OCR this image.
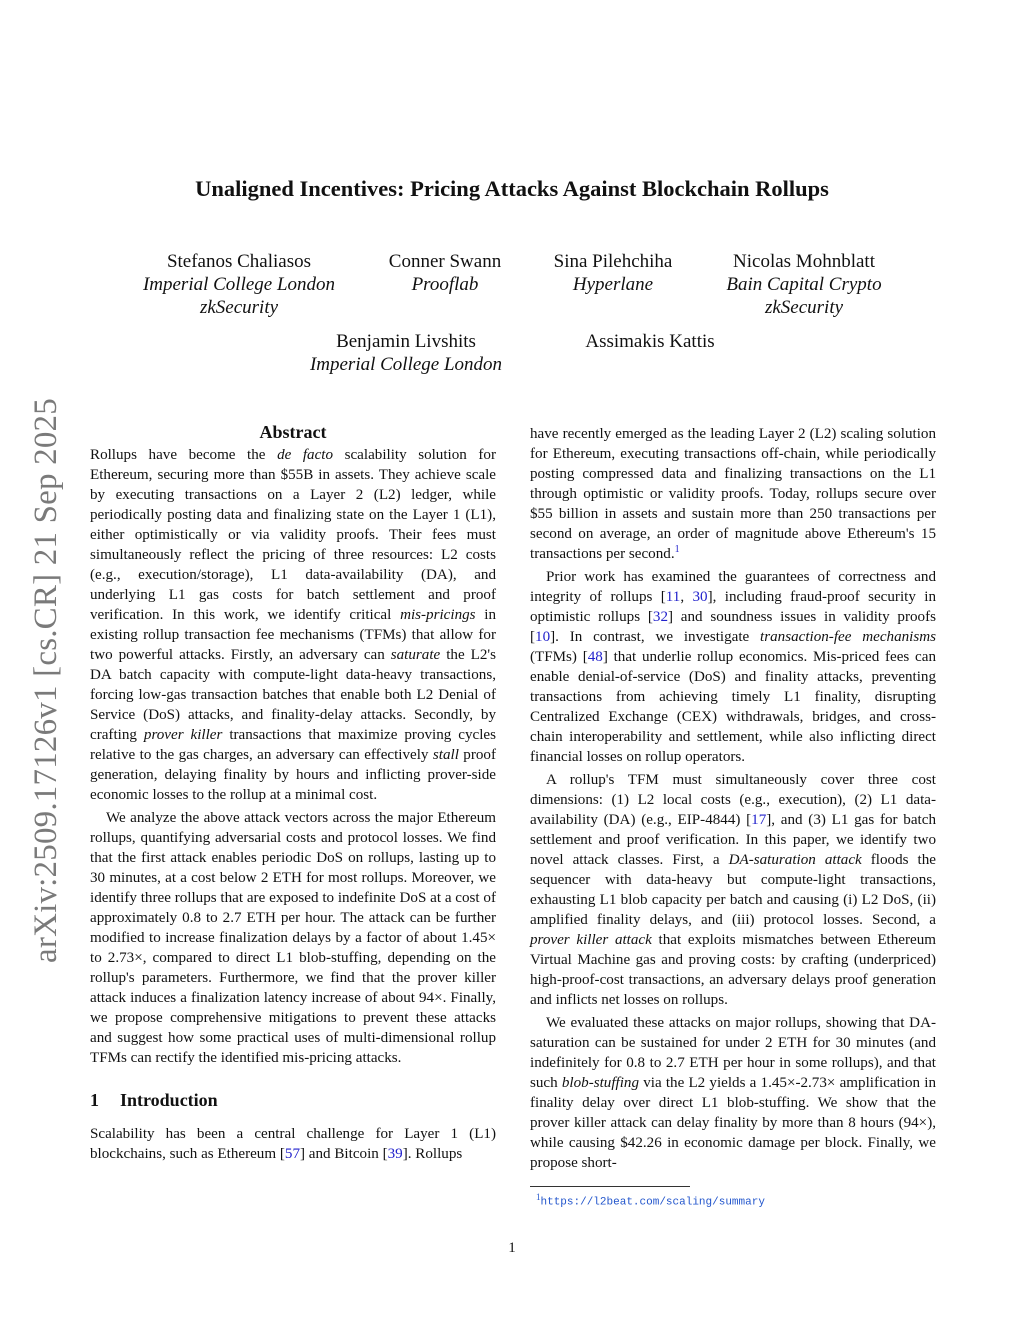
arXiv:2509.17126v1 [cs.CR] 21 Sep 2025
Unaligned Incentives: Pricing Attacks Against Blockchain Rollups
Stefanos Chaliasos
Imperial College London
zkSecurity
Conner Swann
Prooflab
Sina Pilehchiha
Hyperlane
Nicolas Mohnblatt
Bain Capital Crypto
zkSecurity
Benjamin Livshits
Imperial College London
Assimakis Kattis
Abstract

Rollups have become the de facto scalability solution for Ethereum, securing more than $55B in assets. They achieve scale by executing transactions on a Layer 2 (L2) ledger, while periodically posting data and finalizing state on the Layer 1 (L1), either optimistically or via validity proofs. Their fees must simultaneously reflect the pricing of three resources: L2 costs (e.g., execution/storage), L1 data-availability (DA), and underlying L1 gas costs for batch settlement and proof verification. In this work, we identify critical mis-pricings in existing rollup transaction fee mechanisms (TFMs) that allow for two powerful attacks. Firstly, an adversary can saturate the L2's DA batch capacity with compute-light data-heavy transactions, forcing low-gas transaction batches that enable both L2 Denial of Service (DoS) attacks, and finality-delay attacks. Secondly, by crafting prover killer transactions that maximize proving cycles relative to the gas charges, an adversary can effectively stall proof generation, delaying finality by hours and inflicting prover-side economic losses to the rollup at a minimal cost.

We analyze the above attack vectors across the major Ethereum rollups, quantifying adversarial costs and protocol losses. We find that the first attack enables periodic DoS on rollups, lasting up to 30 minutes, at a cost below 2 ETH for most rollups. Moreover, we identify three rollups that are exposed to indefinite DoS at a cost of approximately 0.8 to 2.7 ETH per hour. The attack can be further modified to increase finalization delays by a factor of about 1.45× to 2.73×, compared to direct L1 blob-stuffing, depending on the rollup's parameters. Furthermore, we find that the prover killer attack induces a finalization latency increase of about 94×. Finally, we propose comprehensive mitigations to prevent these attacks and suggest how some practical uses of multi-dimensional rollup TFMs can rectify the identified mis-pricing attacks.

1 Introduction

Scalability has been a central challenge for Layer 1 (L1) blockchains, such as Ethereum [57] and Bitcoin [39]. Rollups

have recently emerged as the leading Layer 2 (L2) scaling solution for Ethereum, executing transactions off-chain, while periodically posting compressed data and finalizing transactions on the L1 through optimistic or validity proofs. Today, rollups secure over $55 billion in assets and sustain more than 250 transactions per second on average, an order of magnitude above Ethereum's 15 transactions per second.$^1$

Prior work has examined the guarantees of correctness and integrity of rollups [11, 30], including fraud-proof security in optimistic rollups [32] and soundness issues in validity proofs [10]. In contrast, we investigate transaction-fee mechanisms (TFMs) [48] that underlie rollup economics. Mis-priced fees can enable denial-of-service (DoS) and finality attacks, preventing transactions from achieving timely L1 finality, disrupting Centralized Exchange (CEX) withdrawals, bridges, and cross-chain interoperability and settlement, while also inflicting direct financial losses on rollup operators.

A rollup's TFM must simultaneously cover three cost dimensions: (1) L2 local costs (e.g., execution), (2) L1 data-availability (DA) (e.g., EIP-4844) [17], and (3) L1 gas for batch settlement and proof verification. In this paper, we identify two novel attack classes. First, a DA-saturation attack floods the sequencer with data-heavy but compute-light transactions, exhausting L1 blob capacity per batch and causing (i) L2 DoS, (ii) amplified finality delays, and (iii) protocol losses. Second, a prover killer attack that exploits mismatches between Ethereum Virtual Machine gas and proving costs: by crafting (underpriced) high-proof-cost transactions, an adversary delays proof generation and inflicts net losses on rollups.

We evaluated these attacks on major rollups, showing that DA-saturation can be sustained for under 2 ETH for 30 minutes (and indefinitely for 0.8 to 2.7 ETH per hour in some rollups), and that such blob-stuffing via the L2 yields a 1.45×-2.73× amplification in finality delay over direct L1 blob-stuffing. We show that the prover killer attack can delay finality by more than 8 hours (94×), while causing $42.26 in economic damage per block. Finally, we propose short-

$^1$https://l2beat.com/scaling/summary
1
